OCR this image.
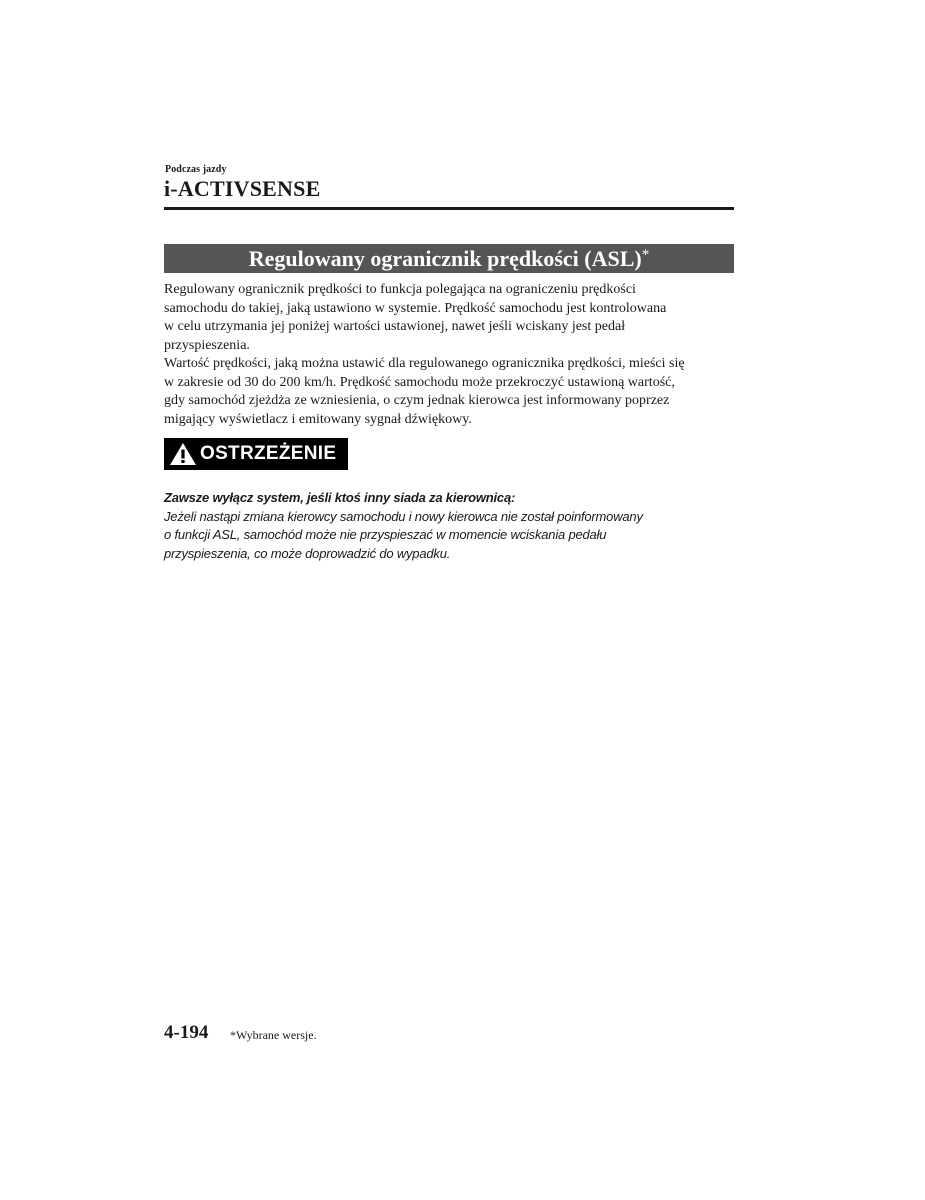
Podczas jazdy
i-ACTIVSENSE
Regulowany ogranicznik prędkości (ASL)*

Regulowany ogranicznik prędkości to funkcja polegająca na ograniczeniu prędkości

samochodu do takiej, jaką ustawiono w systemie. Prędkość samochodu jest kontrolowana

w celu utrzymania jej poniżej wartości ustawionej, nawet jeśli wciskany jest pedał

przyspieszenia.

Wartość prędkości, jaką można ustawić dla regulowanego ogranicznika prędkości, mieści się

w zakresie od 30 do 200 km/h. Prędkość samochodu może przekroczyć ustawioną wartość,

gdy samochód zjeżdża ze wzniesienia, o czym jednak kierowca jest informowany poprzez

migający wyświetlacz i emitowany sygnał dźwiękowy.

OSTRZEŻENIE
Zawsze wyłącz system, jeśli ktoś inny siada za kierownicą:
Jeżeli nastąpi zmiana kierowcy samochodu i nowy kierowca nie został poinformowany
o funkcji ASL, samochód może nie przyspieszać w momencie wciskania pedału
przyspieszenia, co może doprowadzić do wypadku.
4-194 *Wybrane wersje.
